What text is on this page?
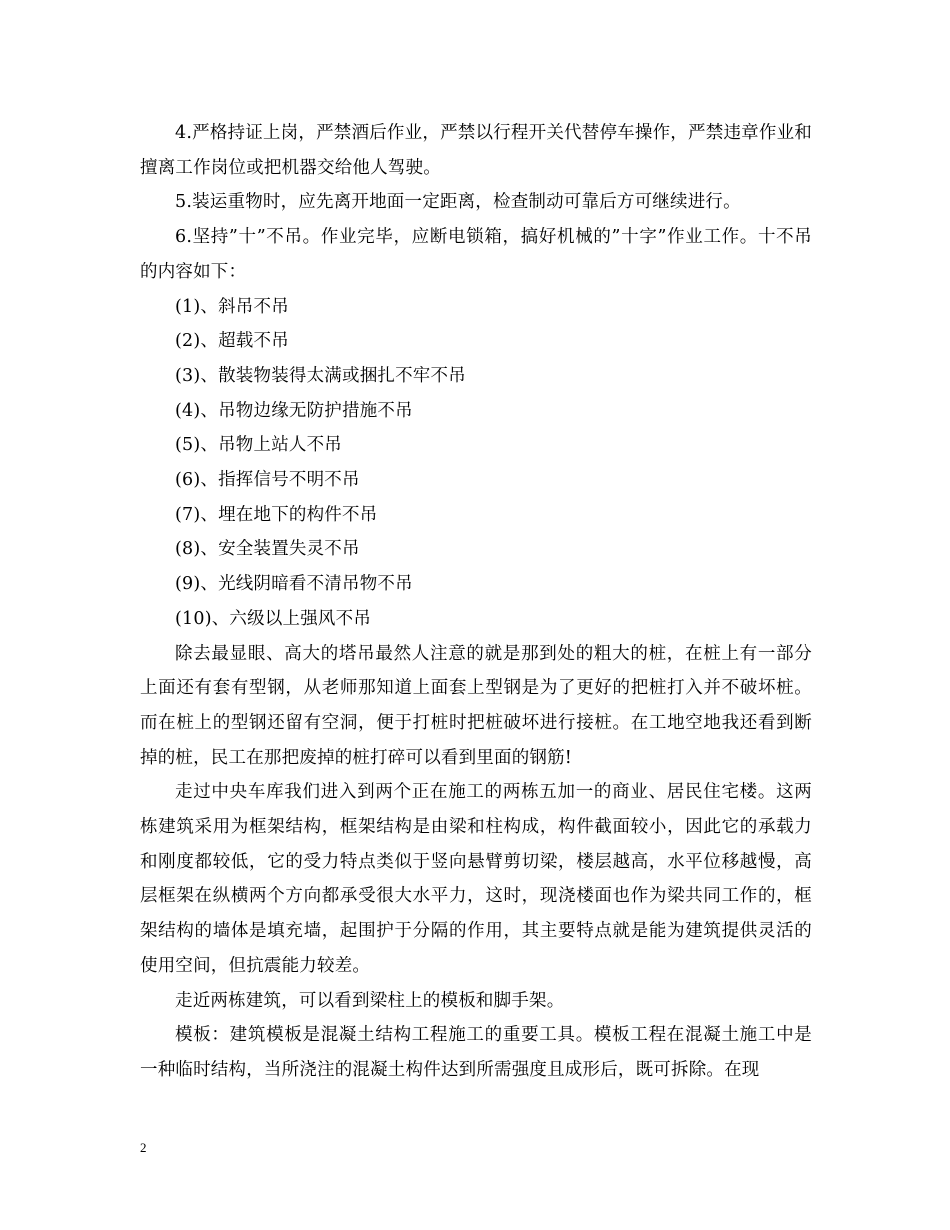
4.严格持证上岗，严禁酒后作业，严禁以行程开关代替停车操作，严禁违章作业和擅离工作岗位或把机器交给他人驾驶。

5.装运重物时，应先离开地面一定距离，检查制动可靠后方可继续进行。

6.坚持”十”不吊。作业完毕，应断电锁箱，搞好机械的”十字”作业工作。十不吊的内容如下：

(1)、斜吊不吊

(2)、超载不吊

(3)、散装物装得太满或捆扎不牢不吊

(4)、吊物边缘无防护措施不吊

(5)、吊物上站人不吊

(6)、指挥信号不明不吊

(7)、埋在地下的构件不吊

(8)、安全装置失灵不吊

(9)、光线阴暗看不清吊物不吊

(10)、六级以上强风不吊

除去最显眼、高大的塔吊最然人注意的就是那到处的粗大的桩，在桩上有一部分上面还有套有型钢，从老师那知道上面套上型钢是为了更好的把桩打入并不破坏桩。而在桩上的型钢还留有空洞，便于打桩时把桩破坏进行接桩。在工地空地我还看到断掉的桩，民工在那把废掉的桩打碎可以看到里面的钢筋!

走过中央车库我们进入到两个正在施工的两栋五加一的商业、居民住宅楼。这两栋建筑采用为框架结构，框架结构是由梁和柱构成，构件截面较小，因此它的承载力和刚度都较低，它的受力特点类似于竖向悬臂剪切梁，楼层越高，水平位移越慢，高层框架在纵横两个方向都承受很大水平力，这时，现浇楼面也作为梁共同工作的，框架结构的墙体是填充墙，起围护于分隔的作用，其主要特点就是能为建筑提供灵活的使用空间，但抗震能力较差。

走近两栋建筑，可以看到梁柱上的模板和脚手架。

模板：建筑模板是混凝土结构工程施工的重要工具。模板工程在混凝土施工中是一种临时结构，当所浇注的混凝土构件达到所需强度且成形后，既可拆除。在现

2
